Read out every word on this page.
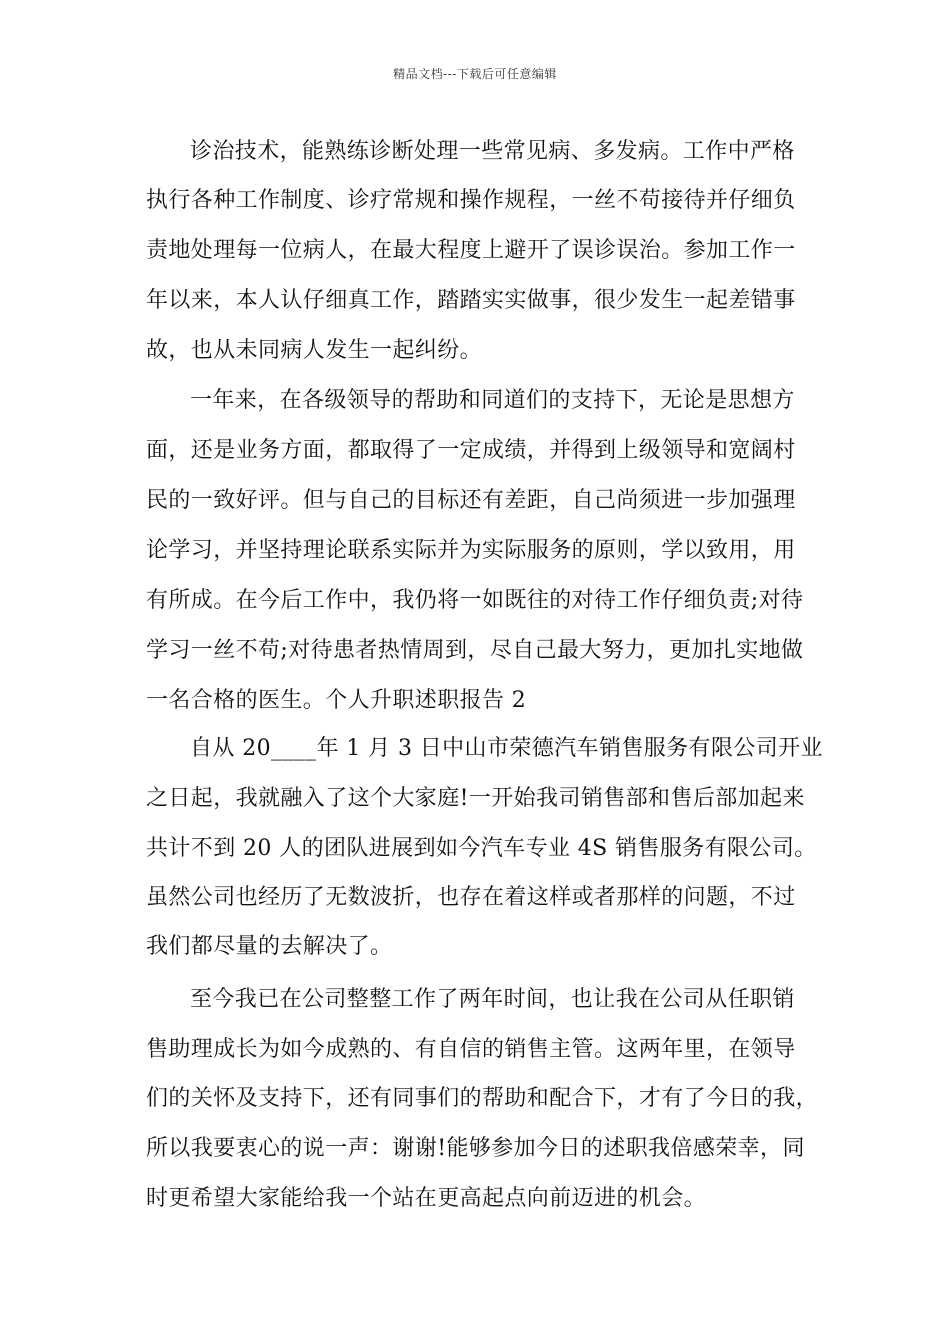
精品文档---下载后可任意编辑
诊治技术，能熟练诊断处理一些常见病、多发病。工作中严格
执行各种工作制度、诊疗常规和操作规程，一丝不苟接待并仔细负
责地处理每一位病人，在最大程度上避开了误诊误治。参加工作一
年以来，本人认仔细真工作，踏踏实实做事，很少发生一起差错事
故，也从未同病人发生一起纠纷。
一年来，在各级领导的帮助和同道们的支持下，无论是思想方
面，还是业务方面，都取得了一定成绩，并得到上级领导和宽阔村
民的一致好评。但与自己的目标还有差距，自己尚须进一步加强理
论学习，并坚持理论联系实际并为实际服务的原则，学以致用，用
有所成。在今后工作中，我仍将一如既往的对待工作仔细负责;对待
学习一丝不苟;对待患者热情周到，尽自己最大努力，更加扎实地做
一名合格的医生。个人升职述职报告 2
自从 20____年 1 月 3 日中山市荣德汽车销售服务有限公司开业
之日起，我就融入了这个大家庭!一开始我司销售部和售后部加起来
共计不到 20 人的团队进展到如今汽车专业 4S 销售服务有限公司。
虽然公司也经历了无数波折，也存在着这样或者那样的问题，不过
我们都尽量的去解决了。
至今我已在公司整整工作了两年时间，也让我在公司从任职销
售助理成长为如今成熟的、有自信的销售主管。这两年里，在领导
们的关怀及支持下，还有同事们的帮助和配合下，才有了今日的我，
所以我要衷心的说一声：谢谢!能够参加今日的述职我倍感荣幸，同
时更希望大家能给我一个站在更高起点向前迈进的机会。
